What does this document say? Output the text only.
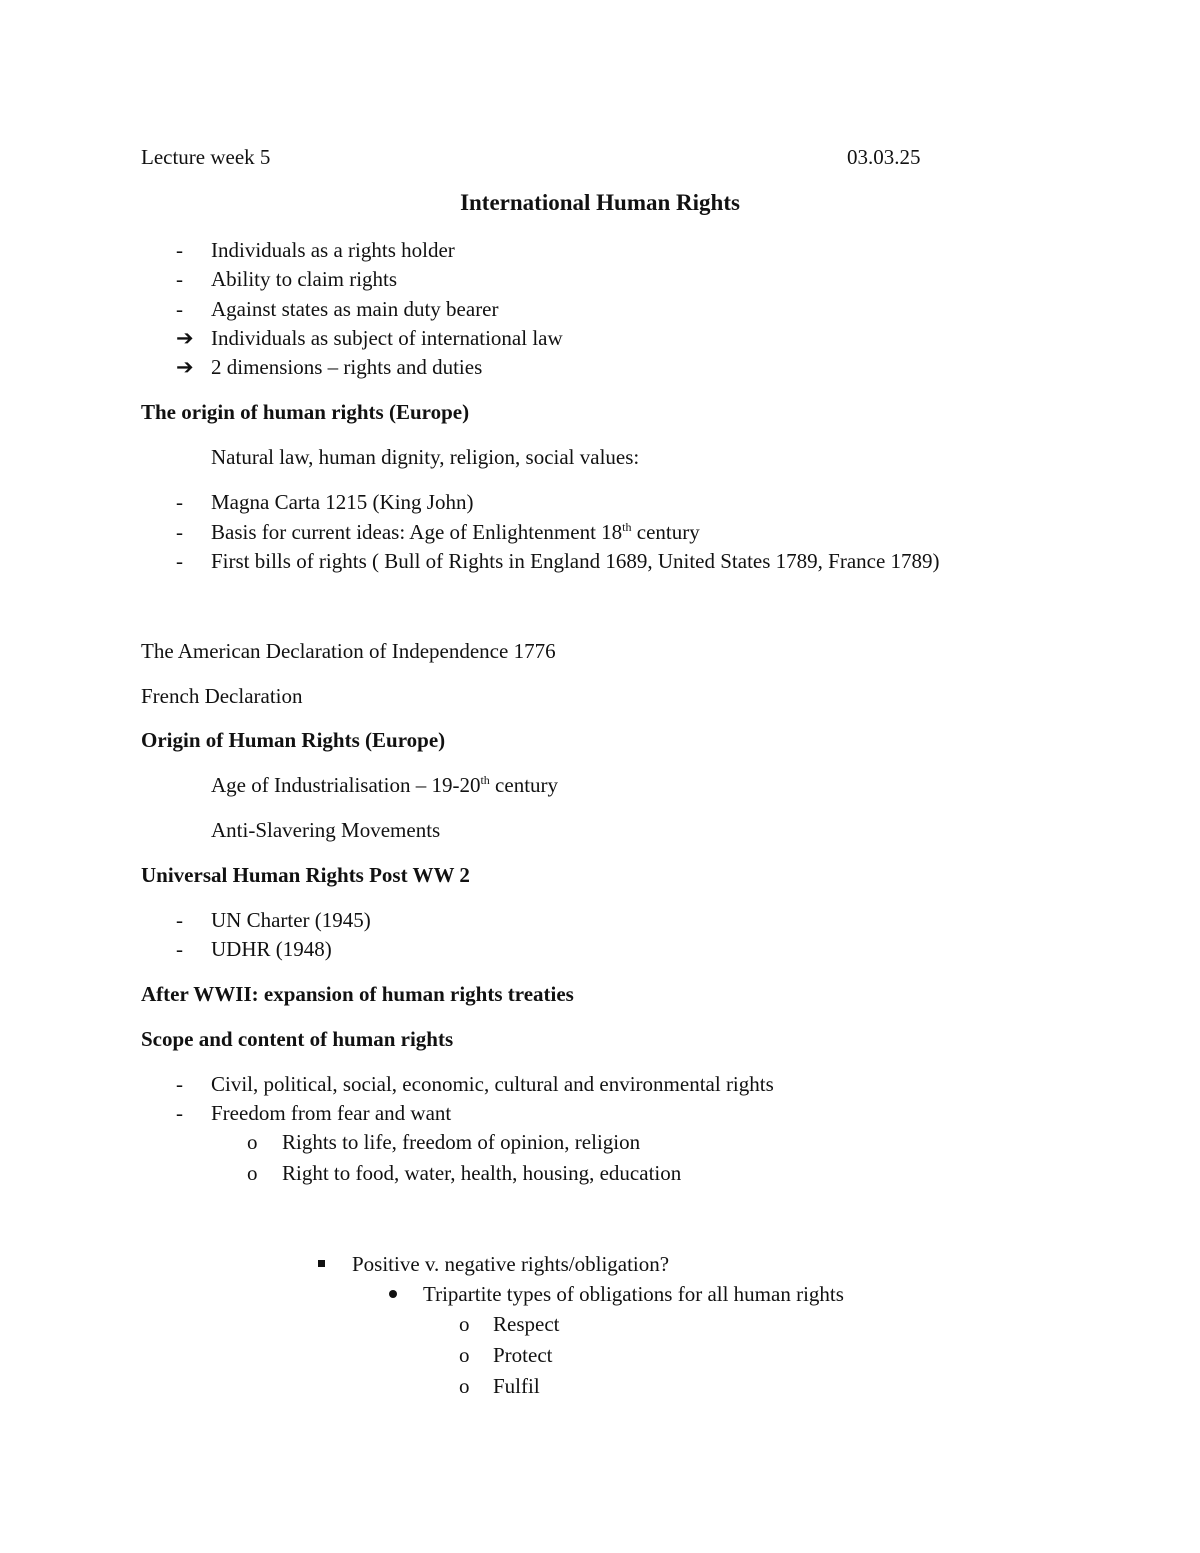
Lecture week 5	03.03.25
International Human Rights
- Individuals as a rights holder
- Ability to claim rights
- Against states as main duty bearer
➔ Individuals as subject of international law
➔ 2 dimensions – rights and duties
The origin of human rights (Europe)
Natural law, human dignity, religion, social values:
- Magna Carta 1215 (King John)
- Basis for current ideas: Age of Enlightenment 18th century
- First bills of rights ( Bull of Rights in England 1689, United States 1789, France 1789)
The American Declaration of Independence 1776
French Declaration
Origin of Human Rights (Europe)
Age of Industrialisation – 19-20th century
Anti-Slavering Movements
Universal Human Rights Post WW 2
- UN Charter (1945)
- UDHR (1948)
After WWII: expansion of human rights treaties
Scope and content of human rights
- Civil, political, social, economic, cultural and environmental rights
- Freedom from fear and want
o Rights to life, freedom of opinion, religion
o Right to food, water, health, housing, education
Positive v. negative rights/obligation?
Tripartite types of obligations for all human rights
o Respect
o Protect
o Fulfil
